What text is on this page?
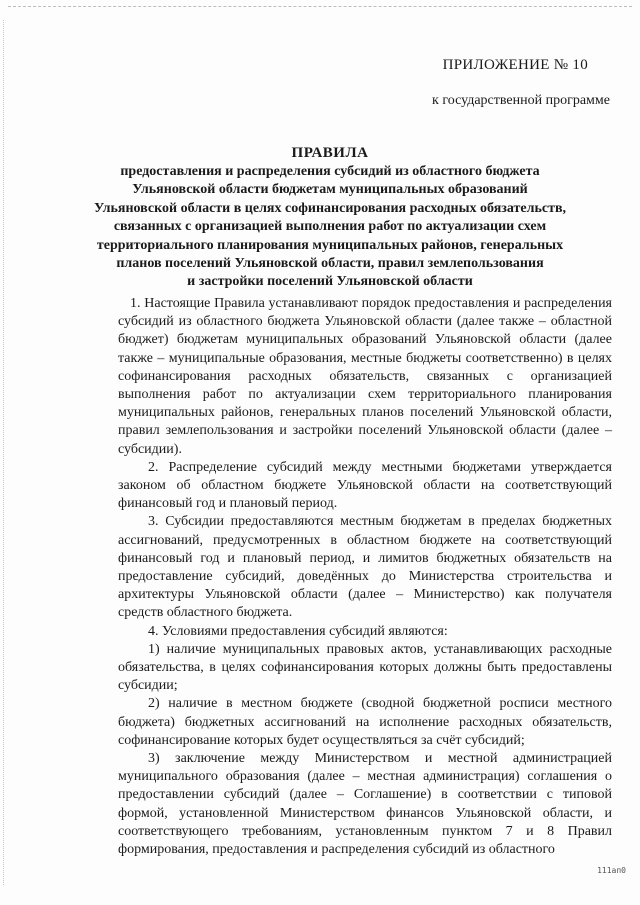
ПРИЛОЖЕНИЕ № 10
к государственной программе
ПРАВИЛА
предоставления и распределения субсидий из областного бюджета
Ульяновской области бюджетам муниципальных образований
Ульяновской области в целях софинансирования расходных обязательств,
связанных с организацией выполнения работ по актуализации схем
территориального планирования муниципальных районов, генеральных
планов поселений Ульяновской области, правил землепользования
и застройки поселений Ульяновской области

1. Настоящие Правила устанавливают порядок предоставления и распределения субсидий из областного бюджета Ульяновской области (далее также – областной бюджет) бюджетам муниципальных образований Ульяновской области (далее также – муниципальные образования, местные бюджеты соответственно) в целях софинансирования расходных обязательств, связанных с организацией выполнения работ по актуализации схем территориального планирования муниципальных районов, генеральных планов поселений Ульяновской области, правил землепользования и застройки поселений Ульяновской области (далее – субсидии).

2. Распределение субсидий между местными бюджетами утверждается законом об областном бюджете Ульяновской области на соответствующий финансовый год и плановый период.

3. Субсидии предоставляются местным бюджетам в пределах бюджетных ассигнований, предусмотренных в областном бюджете на соответствующий финансовый год и плановый период, и лимитов бюджетных обязательств на предоставление субсидий, доведённых до Министерства строительства и архитектуры Ульяновской области (далее – Министерство) как получателя средств областного бюджета.

4. Условиями предоставления субсидий являются:

1) наличие муниципальных правовых актов, устанавливающих расходные обязательства, в целях софинансирования которых должны быть предоставлены субсидии;

2) наличие в местном бюджете (сводной бюджетной росписи местного бюджета) бюджетных ассигнований на исполнение расходных обязательств, софинансирование которых будет осуществляться за счёт субсидий;

3) заключение между Министерством и местной администрацией муниципального образования (далее – местная администрация) соглашения о предоставлении субсидий (далее – Соглашение) в соответствии с типовой формой, установленной Министерством финансов Ульяновской области, и соответствующего требованиям, установленным пунктом 7 и 8 Правил формирования, предоставления и распределения субсидий из областного

111ап0
